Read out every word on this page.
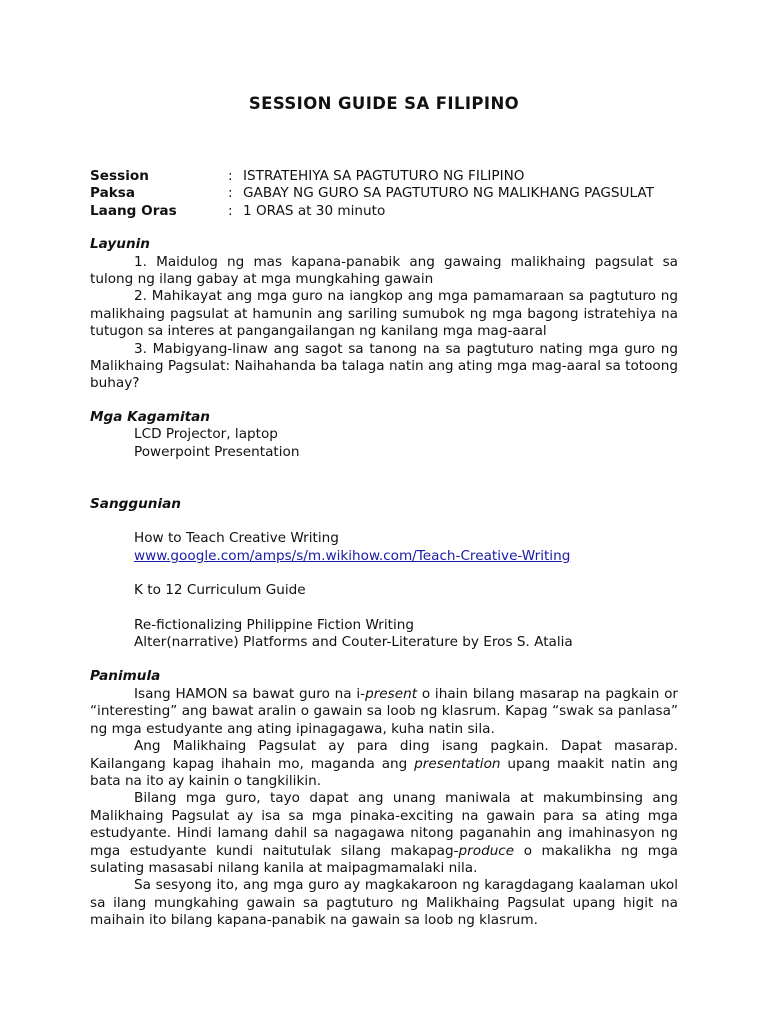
SESSION GUIDE SA FILIPINO
Session	: ISTRATEHIYA SA PAGTUTURO NG FILIPINO
Paksa	: GABAY NG GURO SA PAGTUTURO NG MALIKHANG PAGSULAT
Laang Oras	: 1 ORAS at 30 minuto
Layunin

1. Maidulog ng mas kapana-panabik ang gawaing malikhaing pagsulat sa tulong ng ilang gabay at mga mungkahing gawain

2. Mahikayat ang mga guro na iangkop ang mga pamamaraan sa pagtuturo ng malikhaing pagsulat at hamunin ang sariling sumubok ng mga bagong istratehiya na tutugon sa interes at pangangailangan ng kanilang mga mag-aaral

3. Mabigyang-linaw ang sagot sa tanong na sa pagtuturo nating mga guro ng Malikhaing Pagsulat: Naihahanda ba talaga natin ang ating mga mag-aaral sa totoong buhay?

Mga Kagamitan
LCD Projector, laptop
Powerpoint Presentation
Sanggunian
How to Teach Creative Writing
www.google.com/amps/s/m.wikihow.com/Teach-Creative-Writing
K to 12 Curriculum Guide
Re-fictionalizing Philippine Fiction Writing
Alter(narrative) Platforms and Couter-Literature by Eros S. Atalia
Panimula

Isang HAMON sa bawat guro na i-present o ihain bilang masarap na pagkain or “interesting” ang bawat aralin o gawain sa loob ng klasrum. Kapag “swak sa panlasa” ng mga estudyante ang ating ipinagagawa, kuha natin sila.

Ang Malikhaing Pagsulat ay para ding isang pagkain. Dapat masarap. Kailangang kapag ihahain mo, maganda ang presentation upang maakit natin ang bata na ito ay kainin o tangkilikin.

Bilang mga guro, tayo dapat ang unang maniwala at makumbinsing ang Malikhaing Pagsulat ay isa sa mga pinaka-exciting na gawain para sa ating mga estudyante. Hindi lamang dahil sa nagagawa nitong paganahin ang imahinasyon ng mga estudyante kundi naitutulak silang makapag-produce o makalikha ng mga sulating masasabi nilang kanila at maipagmamalaki nila.

Sa sesyong ito, ang mga guro ay magkakaroon ng karagdagang kaalaman ukol sa ilang mungkahing gawain sa pagtuturo ng Malikhaing Pagsulat upang higit na maihain ito bilang kapana-panabik na gawain sa loob ng klasrum.
